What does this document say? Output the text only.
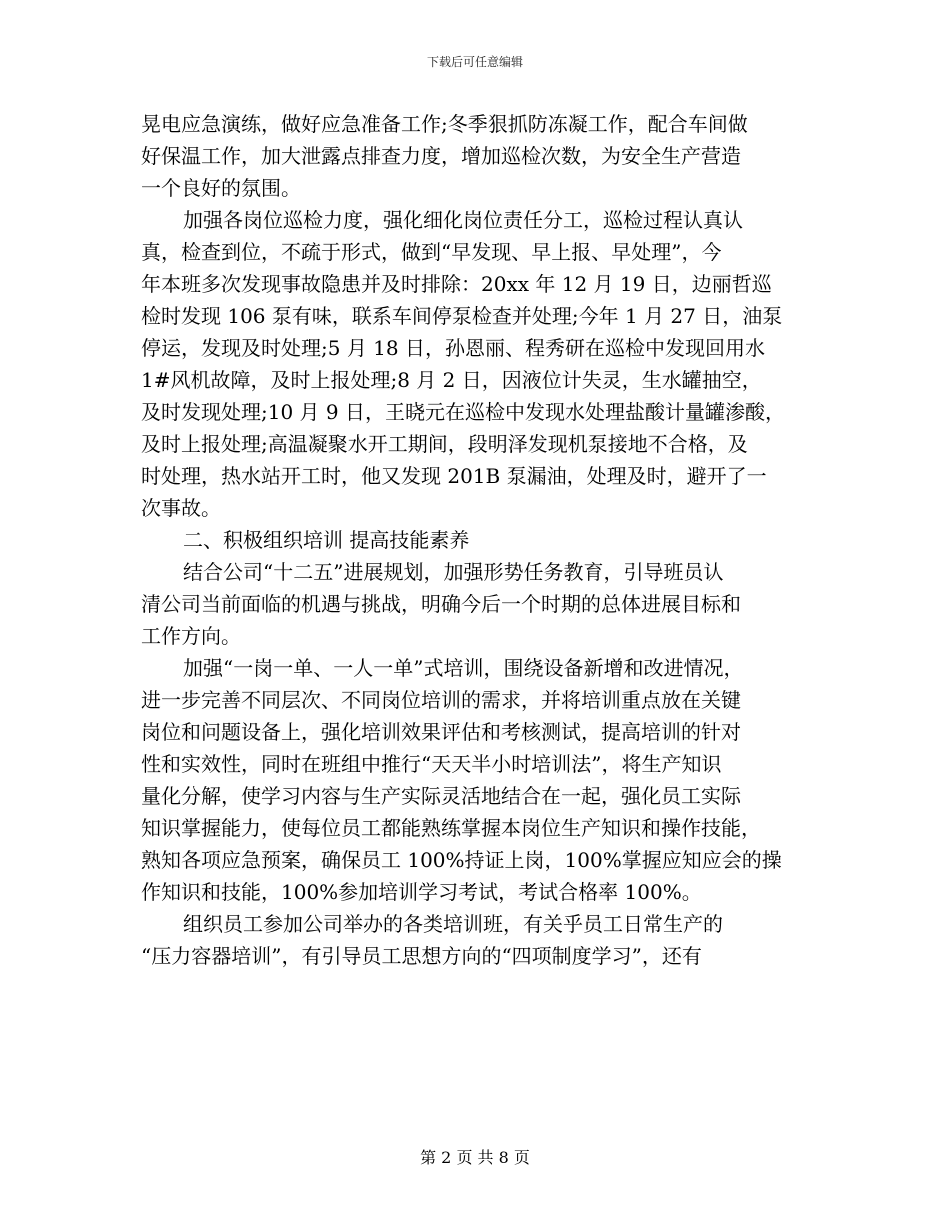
下载后可任意编辑
晃电应急演练，做好应急准备工作;冬季狠抓防冻凝工作，配合车间做
好保温工作，加大泄露点排查力度，增加巡检次数，为安全生产营造
一个良好的氛围。
加强各岗位巡检力度，强化细化岗位责任分工，巡检过程认真认
真，检查到位，不疏于形式，做到“早发现、早上报、早处理”，今
年本班多次发现事故隐患并及时排除：20xx 年 12 月 19 日，边丽哲巡
检时发现 106 泵有味，联系车间停泵检查并处理;今年 1 月 27 日，油泵
停运，发现及时处理;5 月 18 日，孙恩丽、程秀研在巡检中发现回用水
1#风机故障，及时上报处理;8 月 2 日，因液位计失灵，生水罐抽空，
及时发现处理;10 月 9 日，王晓元在巡检中发现水处理盐酸计量罐渗酸，
及时上报处理;高温凝聚水开工期间，段明泽发现机泵接地不合格，及
时处理，热水站开工时，他又发现 201B 泵漏油，处理及时，避开了一
次事故。
二、积极组织培训 提高技能素养
结合公司“十二五”进展规划，加强形势任务教育，引导班员认
清公司当前面临的机遇与挑战，明确今后一个时期的总体进展目标和
工作方向。
加强“一岗一单、一人一单”式培训，围绕设备新增和改进情况，
进一步完善不同层次、不同岗位培训的需求，并将培训重点放在关键
岗位和问题设备上，强化培训效果评估和考核测试，提高培训的针对
性和实效性，同时在班组中推行“天天半小时培训法”，将生产知识
量化分解，使学习内容与生产实际灵活地结合在一起，强化员工实际
知识掌握能力，使每位员工都能熟练掌握本岗位生产知识和操作技能，
熟知各项应急预案，确保员工 100%持证上岗，100%掌握应知应会的操
作知识和技能，100%参加培训学习考试，考试合格率 100%。
组织员工参加公司举办的各类培训班，有关乎员工日常生产的
“压力容器培训”，有引导员工思想方向的“四项制度学习”，还有
第 2 页 共 8 页
